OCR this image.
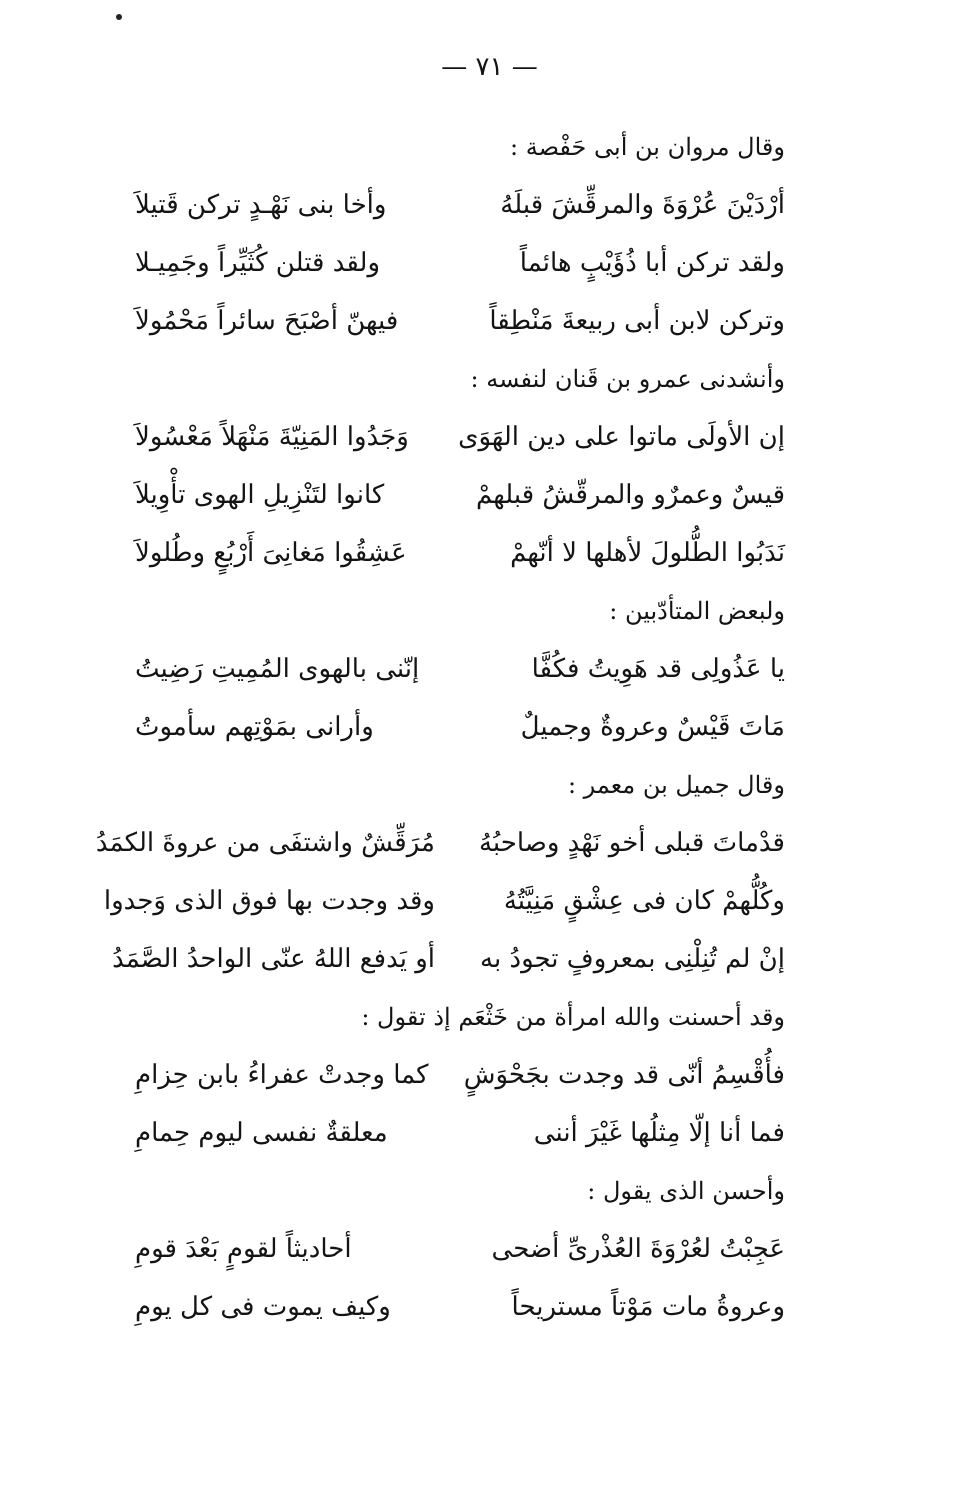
— ٧١ —
وقال مروان بن أبى حَفْصة :
أرْدَيْنَ عُرْوَةَ والمرقِّشَ قبلَهُ
وأخا بنى نَهْـدٍ تركن قَتيلاَ
ولقد تركن أبا ذُؤَيْبٍ هائماً
ولقد قتلن كُثَيِّراً وجَمِيـلا
وتركن لابن أبى ربيعةَ مَنْطِقاً
فيهنّ أصْبَحَ سائراً مَحْمُولاَ
وأنشدنى عمرو بن قَنان لنفسه :
إن الأولَى ماتوا على دين الهَوَى
وَجَدُوا المَنِيّةَ مَنْهَلاً مَعْسُولاَ
قيسٌ وعمرٌو والمرقّشُ قبلهمْ
كانوا لتَنْزِيلِ الهوى تأْوِيلاَ
نَدَبُوا الطُّلولَ لأهلها لا أنّهمْ
عَشِقُوا مَغانِىَ أَرْبُعٍ وطُلولاَ
ولبعض المتأدّبين :
يا عَذُولِى قد هَوِيتُ فكُفَّا
إنّنى بالهوى المُمِيتِ رَضِيتُ
مَاتَ قَيْسٌ وعروةٌ وجميلٌ
وأرانى بمَوْتِهم سأموتُ
وقال جميل بن معمر :
قدْماتَ قبلى أخو نَهْدٍ وصاحبُهُ
مُرَقِّشٌ واشتفَى من عروةَ الكمَدُ
وكُلُّهمْ كان فى عِشْقٍ مَنِيَّتُهُ
وقد وجدت بها فوق الذى وَجدوا
إنْ لم تُنِلْنِى بمعروفٍ تجودُ به
أو يَدفع اللهُ عنّى الواحدُ الصَّمَدُ
وقد أحسنت والله امرأة من خَثْعَم إذ تقول :
فأُقْسِمُ أنّى قد وجدت بجَحْوَشٍ
كما وجدتْ عفراءُ بابن حِزامِ
فما أنا إلّا مِثلُها غَيْرَ أننى
معلقةٌ نفسى ليوم حِمامِ
وأحسن الذى يقول :
عَجِبْتُ لعُرْوَةَ العُذْرىِّ أضحى
أحاديثاً لقومٍ بَعْدَ قومِ
وعروةُ مات مَوْتاً مستريحاً
وكيف يموت فى كل يومِ
